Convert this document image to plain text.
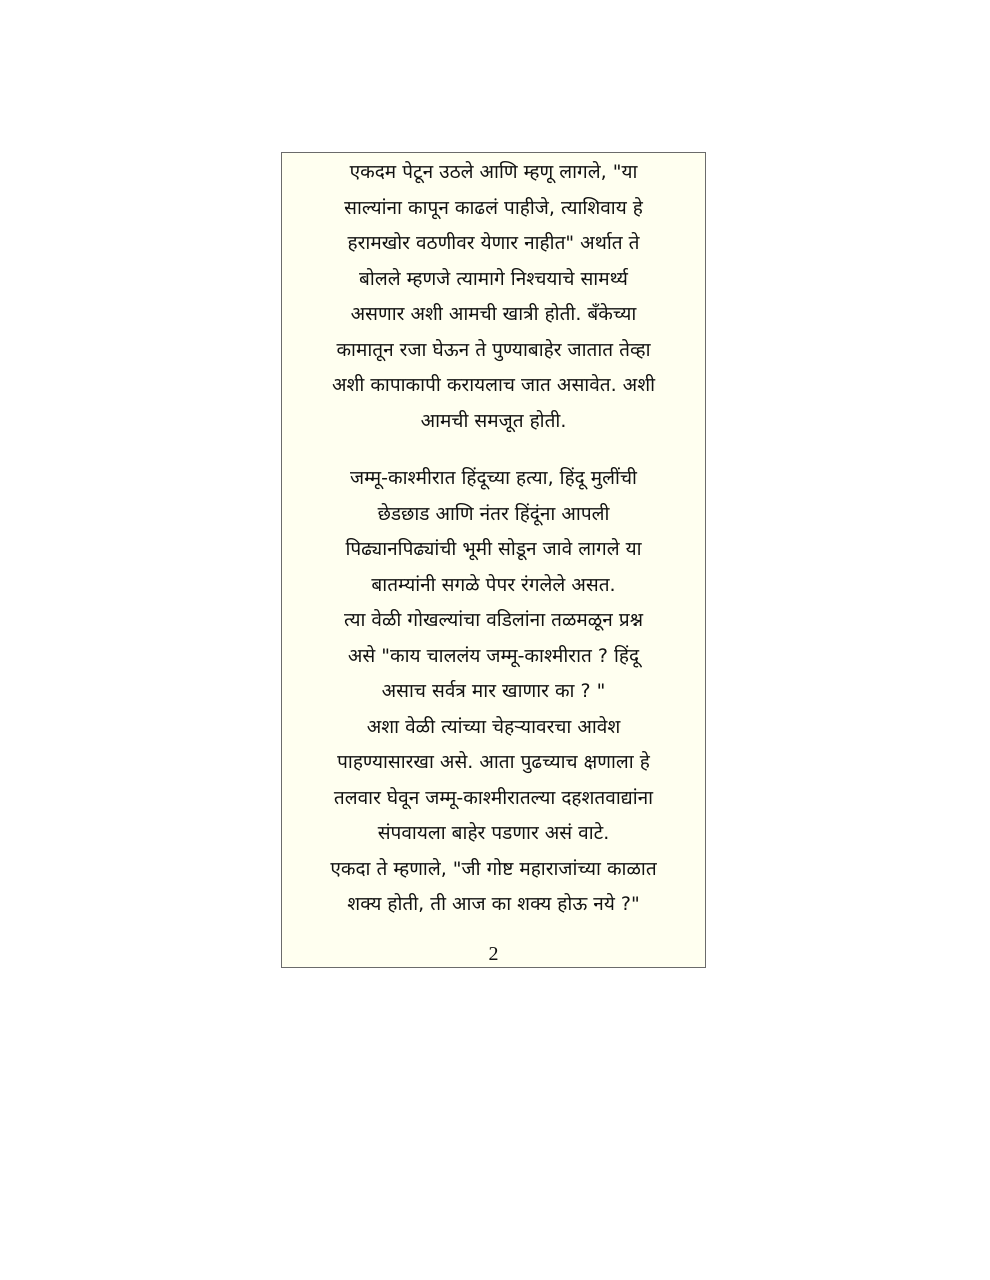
एकदम पेटून उठले आणि म्हणू लागले, "या
साल्यांना कापून काढलं पाहीजे, त्याशिवाय हे
हरामखोर वठणीवर येणार नाहीत" अर्थात ते
बोलले म्हणजे त्यामागे निश्चयाचे सामर्थ्य
असणार अशी आमची खात्री होती. बँकेच्या
कामातून रजा घेऊन ते पुण्याबाहेर जातात तेव्हा
अशी कापाकापी करायलाच जात असावेत. अशी
आमची समजूत होती.
जम्मू-काश्मीरात हिंदूच्या हत्या, हिंदू मुलींची
छेडछाड आणि नंतर हिंदूंना आपली
पिढ्यानपिढ्यांची भूमी सोडून जावे लागले या
बातम्यांनी सगळे पेपर रंगलेले असत.
त्या वेळी गोखल्यांचा वडिलांना तळमळून प्रश्न
असे "काय चाललंय जम्मू-काश्मीरात ? हिंदू
असाच सर्वत्र मार खाणार का ? "
अशा वेळी त्यांच्या चेहऱ्यावरचा आवेश
पाहण्यासारखा असे. आता पुढच्याच क्षणाला हे
तलवार घेवून जम्मू-काश्मीरातल्या दहशतवाद्यांना
संपवायला बाहेर पडणार असं वाटे.
एकदा ते म्हणाले, "जी गोष्ट महाराजांच्या काळात
शक्य होती, ती आज का शक्य होऊ नये ?"
2
